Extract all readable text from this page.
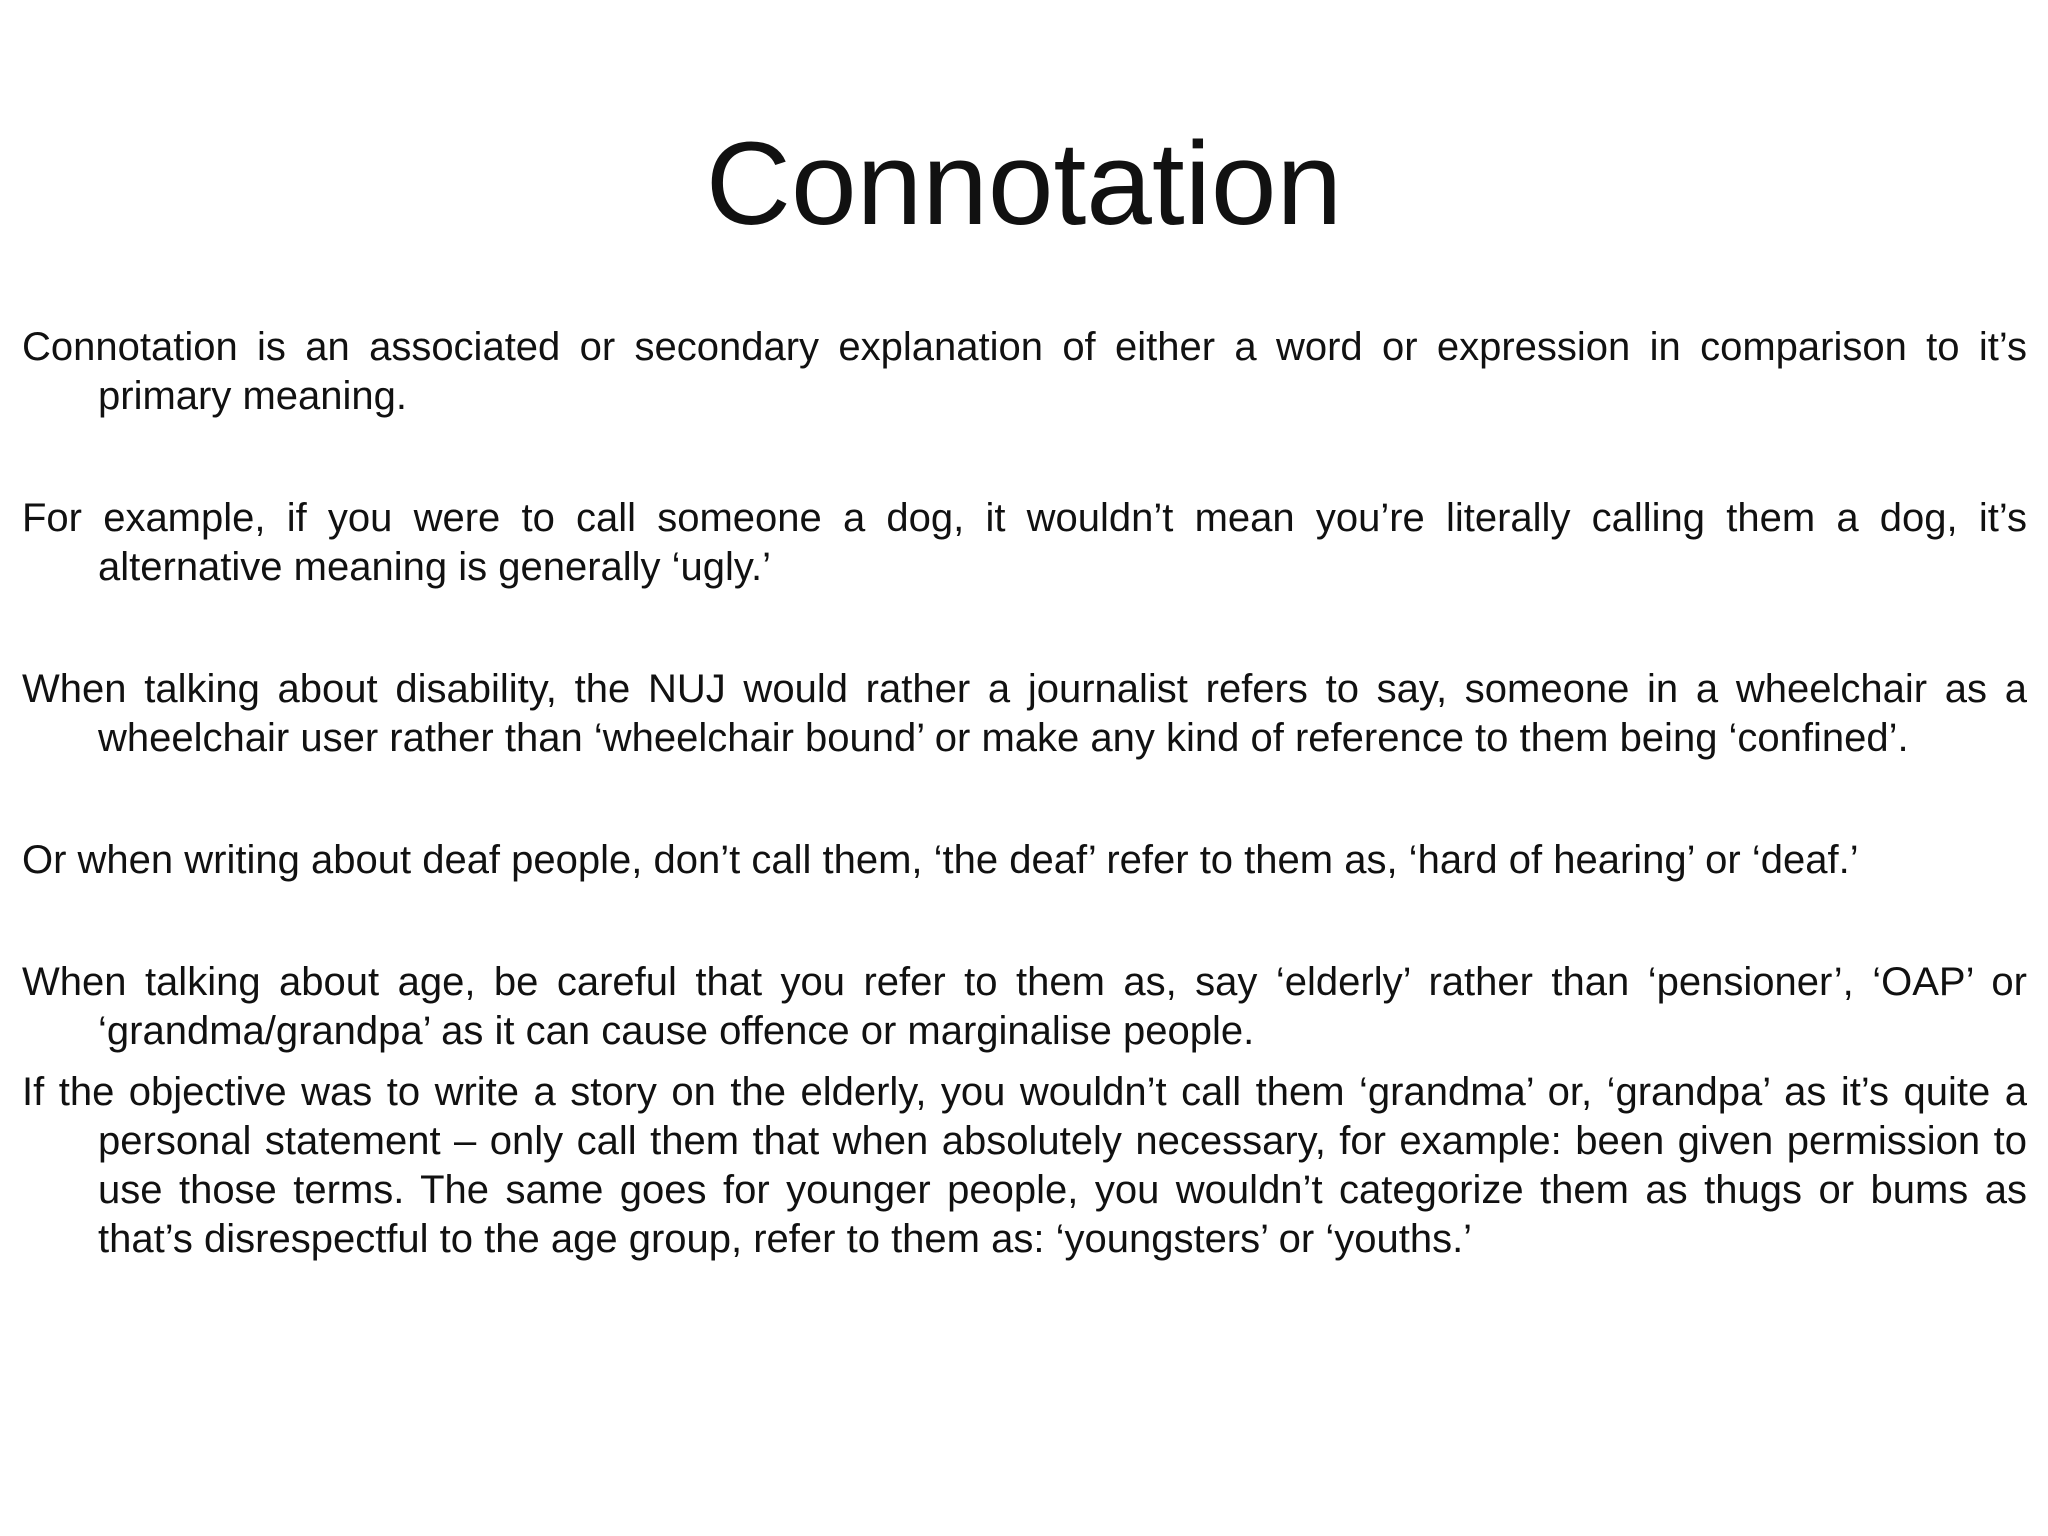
Connotation

Connotation is an associated or secondary explanation of either a word or expression in comparison to it’s primary meaning.

For example, if you were to call someone a dog, it wouldn’t mean you’re literally calling them a dog, it’s alternative meaning is generally ‘ugly.’

When talking about disability, the NUJ would rather a journalist refers to say, someone in a wheelchair as a wheelchair user rather than ‘wheelchair bound’ or make any kind of reference to them being ‘confined’.

Or when writing about deaf people, don’t call them, ‘the deaf’ refer to them as, ‘hard of hearing’ or ‘deaf.’

When talking about age, be careful that you refer to them as, say ‘elderly’ rather than ‘pensioner’, ‘OAP’ or ‘grandma/grandpa’ as it can cause offence or marginalise people.

If the objective was to write a story on the elderly, you wouldn’t call them ‘grandma’ or, ‘grandpa’ as it’s quite a personal statement – only call them that when absolutely necessary, for example: been given permission to use those terms. The same goes for younger people, you wouldn’t categorize them as thugs or bums as that’s disrespectful to the age group, refer to them as: ‘youngsters’ or ‘youths.’
